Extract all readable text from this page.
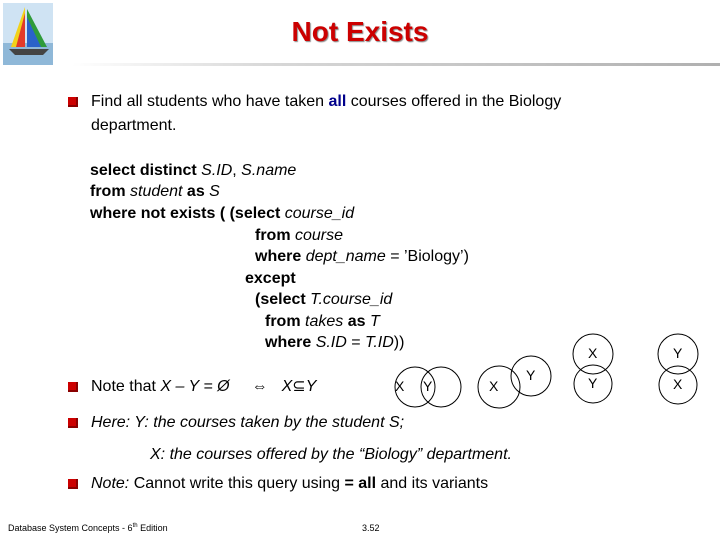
Not Exists
Find all students who have taken all courses offered in the Biology
department.
select distinct S.ID, S.name
from student as S
where not exists ( (select course_id
from course
where dept_name = ’Biology’)
except
(select T.course_id
from takes as T
where S.ID = T.ID))
Note that X – Y = Ø ⇔ X⊆Y	X Y	X
Y
X
Y
Y
X
Here: Y: the courses taken by the student S;
X: the courses offered by the “Biology” department.
Note: Cannot write this query using = all and its variants
Database System Concepts - 6th Edition	3.52
